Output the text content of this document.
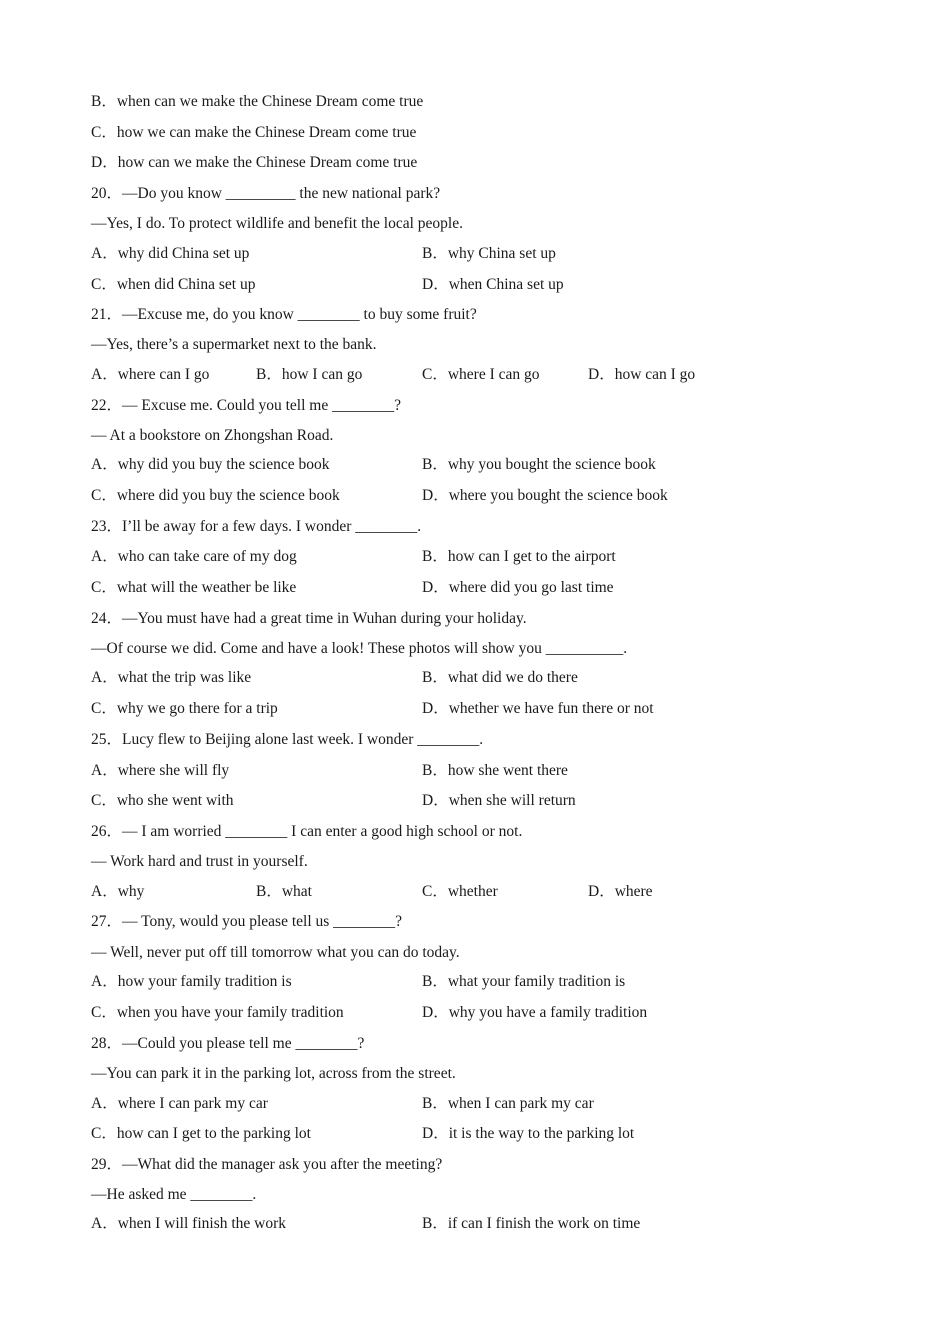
B．when can we make the Chinese Dream come true
C．how we can make the Chinese Dream come true
D．how can we make the Chinese Dream come true
20．—Do you know _________ the new national park?
—Yes, I do. To protect wildlife and benefit the local people.
A．why did China set up	B．why China set up
C．when did China set up	D．when China set up
21．—Excuse me, do you know ________ to buy some fruit?
—Yes, there’s a supermarket next to the bank.
A．where can I go	B．how I can go	C．where I can go	D．how can I go
22．— Excuse me. Could you tell me ________?
— At a bookstore on Zhongshan Road.
A．why did you buy the science book	B．why you bought the science book
C．where did you buy the science book	D．where you bought the science book
23．I’ll be away for a few days. I wonder ________.
A．who can take care of my dog	B．how can I get to the airport
C．what will the weather be like	D．where did you go last time
24．—You must have had a great time in Wuhan during your holiday.
—Of course we did. Come and have a look! These photos will show you __________.
A．what the trip was like	B．what did we do there
C．why we go there for a trip	D．whether we have fun there or not
25．Lucy flew to Beijing alone last week. I wonder ________.
A．where she will fly	B．how she went there
C．who she went with	D．when she will return
26．— I am worried ________ I can enter a good high school or not.
— Work hard and trust in yourself.
A．why	B．what	C．whether	D．where
27．— Tony, would you please tell us ________?
— Well, never put off till tomorrow what you can do today.
A．how your family tradition is	B．what your family tradition is
C．when you have your family tradition	D．why you have a family tradition
28．—Could you please tell me ________?
—You can park it in the parking lot, across from the street.
A．where I can park my car	B．when I can park my car
C．how can I get to the parking lot	D．it is the way to the parking lot
29．—What did the manager ask you after the meeting?
—He asked me ________.
A．when I will finish the work	B．if can I finish the work on time
